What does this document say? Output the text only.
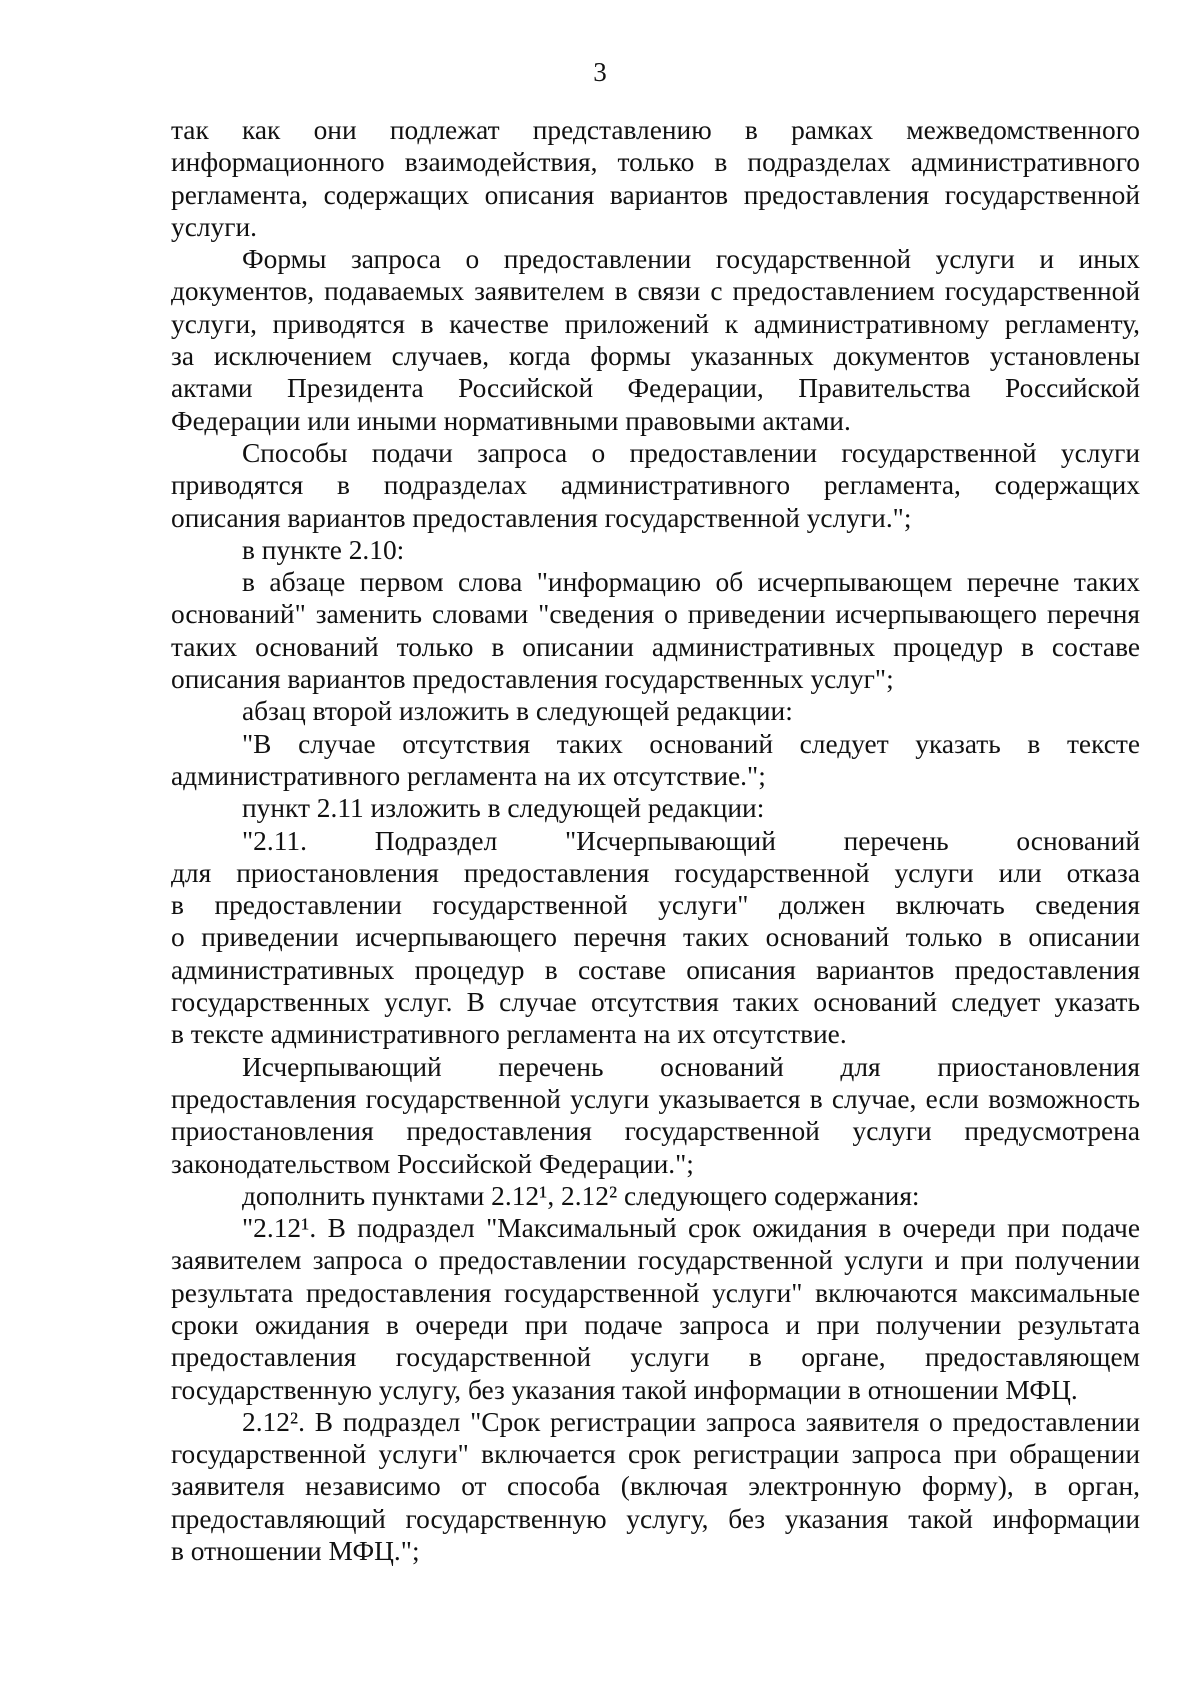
3
так как они подлежат представлению в рамках межведомственного
информационного взаимодействия, только в подразделах административного
регламента, содержащих описания вариантов предоставления государственной
услуги.
Формы запроса о предоставлении государственной услуги и иных
документов, подаваемых заявителем в связи с предоставлением государственной
услуги, приводятся в качестве приложений к административному регламенту,
за исключением случаев, когда формы указанных документов установлены
актами Президента Российской Федерации, Правительства Российской
Федерации или иными нормативными правовыми актами.
Способы подачи запроса о предоставлении государственной услуги
приводятся в подразделах административного регламента, содержащих
описания вариантов предоставления государственной услуги.";
в пункте 2.10:
в абзаце первом слова "информацию об исчерпывающем перечне таких
оснований" заменить словами "сведения о приведении исчерпывающего перечня
таких оснований только в описании административных процедур в составе
описания вариантов предоставления государственных услуг";
абзац второй изложить в следующей редакции:
"В случае отсутствия таких оснований следует указать в тексте
административного регламента на их отсутствие.";
пункт 2.11 изложить в следующей редакции:
"2.11. Подраздел "Исчерпывающий перечень оснований
для приостановления предоставления государственной услуги или отказа
в предоставлении государственной услуги" должен включать сведения
о приведении исчерпывающего перечня таких оснований только в описании
административных процедур в составе описания вариантов предоставления
государственных услуг. В случае отсутствия таких оснований следует указать
в тексте административного регламента на их отсутствие.
Исчерпывающий перечень оснований для приостановления
предоставления государственной услуги указывается в случае, если возможность
приостановления предоставления государственной услуги предусмотрена
законодательством Российской Федерации.";
дополнить пунктами 2.12¹, 2.12² следующего содержания:
"2.12¹. В подраздел "Максимальный срок ожидания в очереди при подаче
заявителем запроса о предоставлении государственной услуги и при получении
результата предоставления государственной услуги" включаются максимальные
сроки ожидания в очереди при подаче запроса и при получении результата
предоставления государственной услуги в органе, предоставляющем
государственную услугу, без указания такой информации в отношении МФЦ.
2.12². В подраздел "Срок регистрации запроса заявителя о предоставлении
государственной услуги" включается срок регистрации запроса при обращении
заявителя независимо от способа (включая электронную форму), в орган,
предоставляющий государственную услугу, без указания такой информации
в отношении МФЦ.";
